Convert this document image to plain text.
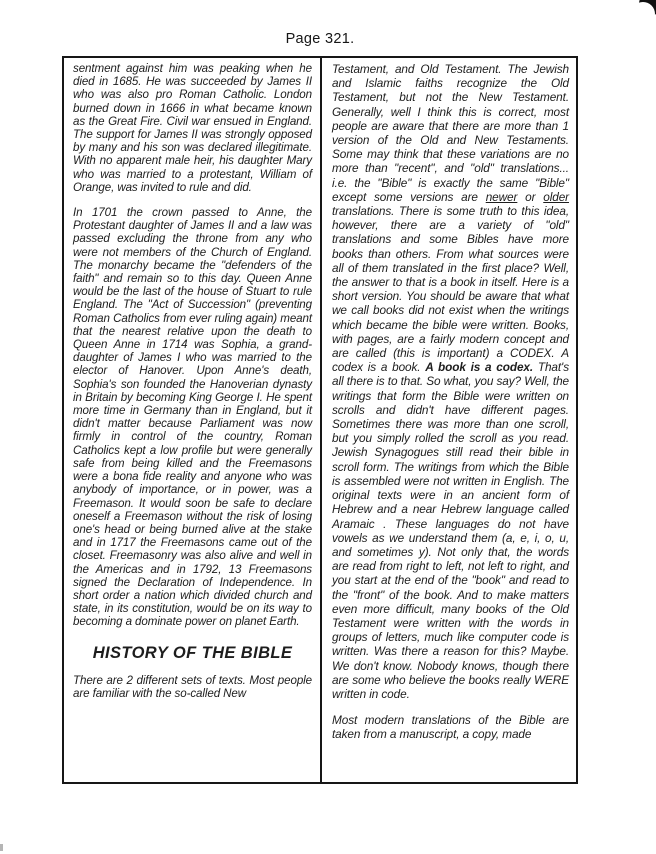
Page 321.

sentment against him was peaking when he died in 1685. He was succeeded by James II who was also pro Roman Catholic. London burned down in 1666 in what became known as the Great Fire. Civil war ensued in England. The support for James II was strongly opposed by many and his son was declared illegitimate. With no apparent male heir, his daughter Mary who was married to a protestant, William of Orange, was invited to rule and did.

In 1701 the crown passed to Anne, the Protestant daughter of James II and a law was passed excluding the throne from any who were not members of the Church of England. The monarchy became the "defenders of the faith" and remain so to this day. Queen Anne would be the last of the house of Stuart to rule England. The "Act of Succession" (preventing Roman Catholics from ever ruling again) meant that the nearest relative upon the death to Queen Anne in 1714 was Sophia, a grand-daughter of James I who was married to the elector of Hanover. Upon Anne's death, Sophia's son founded the Hanoverian dynasty in Britain by becoming King George I. He spent more time in Germany than in England, but it didn't matter because Parliament was now firmly in control of the country, Roman Catholics kept a low profile but were generally safe from being killed and the Freemasons were a bona fide reality and anyone who was anybody of importance, or in power, was a Freemason. It would soon be safe to declare oneself a Freemason without the risk of losing one's head or being burned alive at the stake and in 1717 the Freemasons came out of the closet. Freemasonry was also alive and well in the Americas and in 1792, 13 Freemasons signed the Declaration of Independence. In short order a nation which divided church and state, in its constitution, would be on its way to becoming a dominate power on planet Earth.

HISTORY OF THE BIBLE

There are 2 different sets of texts. Most people are familiar with the so-called New

Testament, and Old Testament. The Jewish and Islamic faiths recognize the Old Testament, but not the New Testament. Generally, well I think this is correct, most people are aware that there are more than 1 version of the Old and New Testaments. Some may think that these variations are no more than "recent", and "old" translations... i.e. the "Bible" is exactly the same "Bible" except some versions are newer or older translations. There is some truth to this idea, however, there are a variety of "old" translations and some Bibles have more books than others. From what sources were all of them translated in the first place? Well, the answer to that is a book in itself. Here is a short version. You should be aware that what we call books did not exist when the writings which became the bible were written. Books, with pages, are a fairly modern concept and are called (this is important) a CODEX. A codex is a book. A book is a codex. That's all there is to that. So what, you say? Well, the writings that form the Bible were written on scrolls and didn't have different pages. Sometimes there was more than one scroll, but you simply rolled the scroll as you read. Jewish Synagogues still read their bible in scroll form. The writings from which the Bible is assembled were not written in English. The original texts were in an ancient form of Hebrew and a near Hebrew language called Aramaic . These languages do not have vowels as we understand them (a, e, i, o, u, and sometimes y). Not only that, the words are read from right to left, not left to right, and you start at the end of the "book" and read to the "front" of the book. And to make matters even more difficult, many books of the Old Testament were written with the words in groups of letters, much like computer code is written. Was there a reason for this? Maybe. We don't know. Nobody knows, though there are some who believe the books really WERE written in code.

Most modern translations of the Bible are taken from a manuscript, a copy, made
